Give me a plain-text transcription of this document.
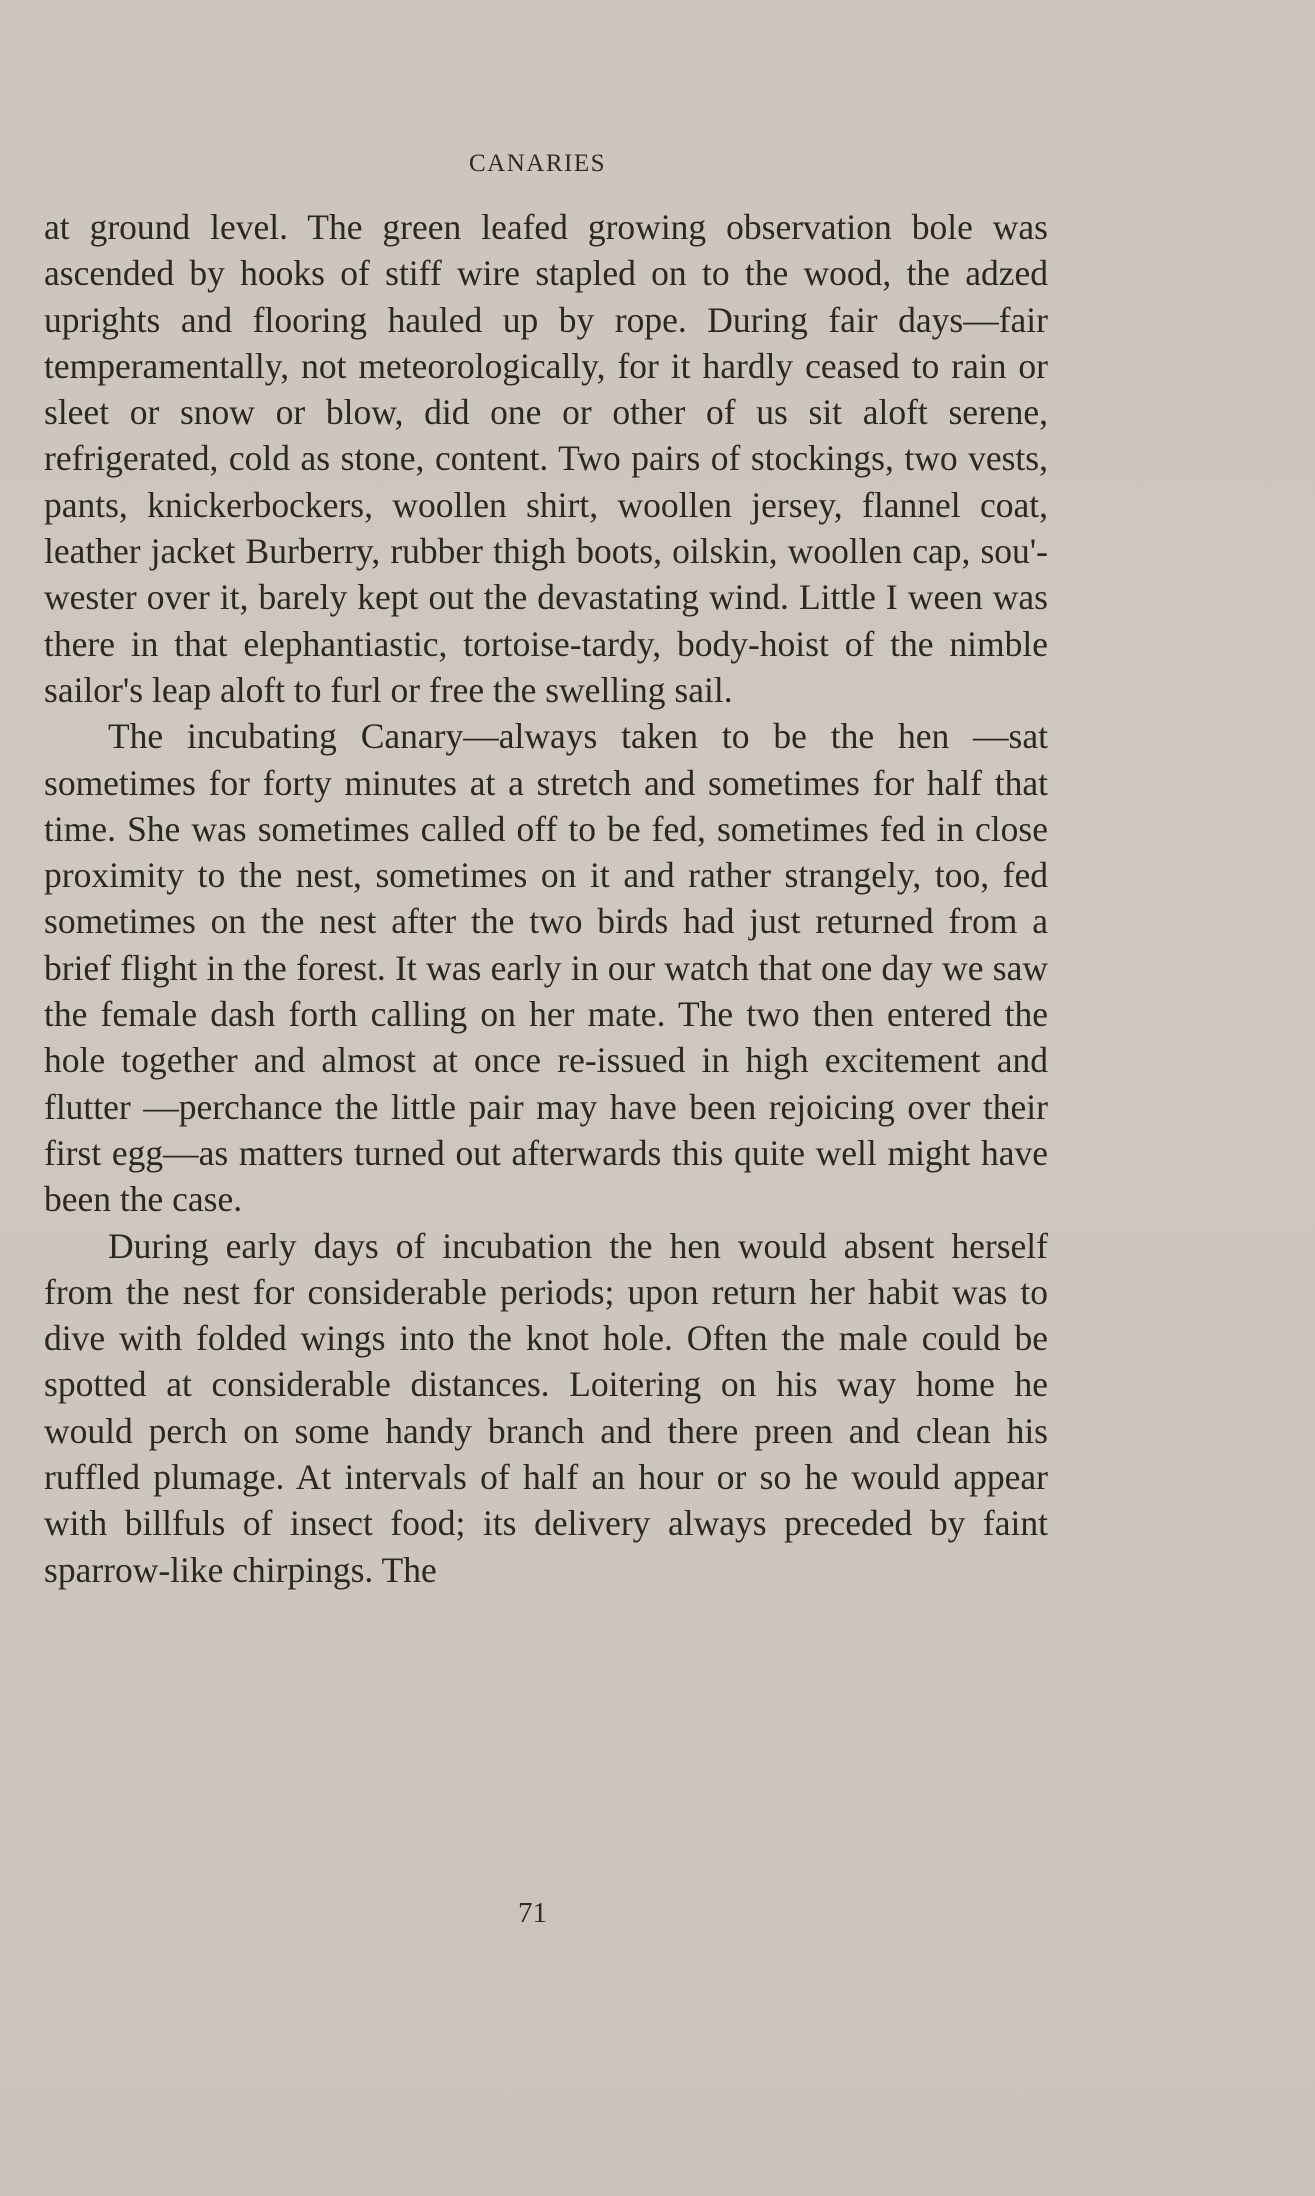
CANARIES

at ground level. The green leafed growing observation bole was ascended by hooks of stiff wire stapled on to the wood, the adzed uprights and flooring hauled up by rope. During fair days—fair temperamentally, not meteorologically, for it hardly ceased to rain or sleet or snow or blow, did one or other of us sit aloft serene, refrigerated, cold as stone, content. Two pairs of stockings, two vests, pants, knickerbockers, woollen shirt, woollen jersey, flannel coat, leather jacket Burberry, rubber thigh boots, oilskin, woollen cap, sou'-wester over it, barely kept out the devastating wind. Little I ween was there in that elephantiastic, tortoise-tardy, body-hoist of the nimble sailor's leap aloft to furl or free the swelling sail.

The incubating Canary—always taken to be the hen —sat sometimes for forty minutes at a stretch and sometimes for half that time. She was sometimes called off to be fed, sometimes fed in close proximity to the nest, sometimes on it and rather strangely, too, fed sometimes on the nest after the two birds had just returned from a brief flight in the forest. It was early in our watch that one day we saw the female dash forth calling on her mate. The two then entered the hole together and almost at once re-issued in high excitement and flutter —perchance the little pair may have been rejoicing over their first egg—as matters turned out afterwards this quite well might have been the case.

During early days of incubation the hen would absent herself from the nest for considerable periods; upon return her habit was to dive with folded wings into the knot hole. Often the male could be spotted at considerable distances. Loitering on his way home he would perch on some handy branch and there preen and clean his ruffled plumage. At intervals of half an hour or so he would appear with billfuls of insect food; its delivery always preceded by faint sparrow-like chirpings. The

71
